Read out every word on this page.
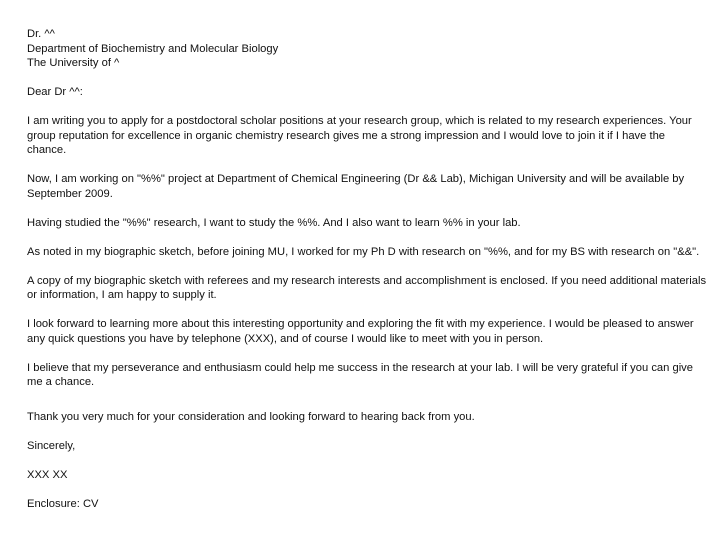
Dr. ^^

Department of Biochemistry and Molecular Biology

The University of ^

Dear Dr ^^:

I am writing you to apply for a postdoctoral scholar positions at your research group, which is related to my research experiences. Your group reputation for excellence in organic chemistry research gives me a strong impression and I would love to join it if I have the chance.

Now, I am working on "%%" project at Department of Chemical Engineering (Dr && Lab), Michigan University and will be available by September 2009.

Having studied the "%%" research, I want to study the %%. And I also want to learn %% in your lab.

As noted in my biographic sketch, before joining MU, I worked for my Ph D with research on "%%, and for my BS with research on "&&".

A copy of my biographic sketch with referees and my research interests and accomplishment is enclosed. If you need additional materials or information, I am happy to supply it.

I look forward to learning more about this interesting opportunity and exploring the fit with my experience. I would be pleased to answer any quick questions you have by telephone (XXX), and of course I would like to meet with you in person.

I believe that my perseverance and enthusiasm could help me success in the research at your lab. I will be very grateful if you can give me a chance.

Thank you very much for your consideration and looking forward to hearing back from you.

Sincerely,

XXX XX

Enclosure: CV
